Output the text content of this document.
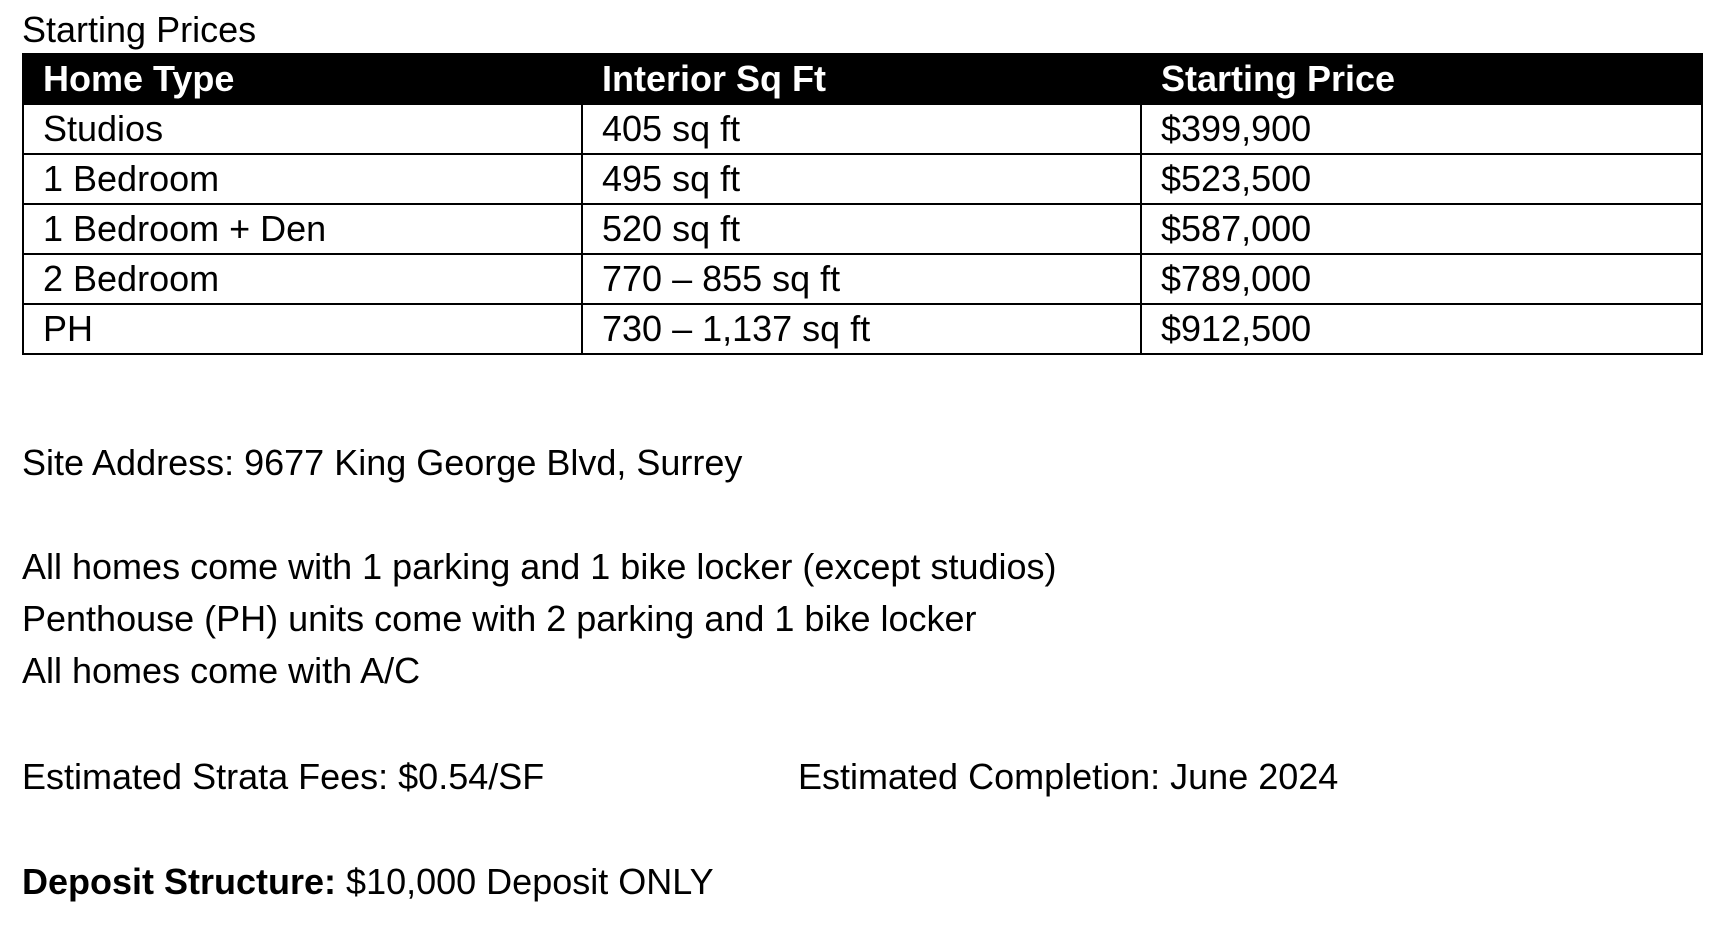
Starting Prices
Home Type	Interior Sq Ft	Starting Price
Studios	405 sq ft	$399,900
1 Bedroom	495 sq ft	$523,500
1 Bedroom + Den	520 sq ft	$587,000
2 Bedroom	770 – 855 sq ft	$789,000
PH	730 – 1,137 sq ft	$912,500
Site Address: 9677 King George Blvd, Surrey
All homes come with 1 parking and 1 bike locker (except studios)
Penthouse (PH) units come with 2 parking and 1 bike locker
All homes come with A/C
Estimated Strata Fees: $0.54/SF	Estimated Completion: June 2024
Deposit Structure: $10,000 Deposit ONLY
